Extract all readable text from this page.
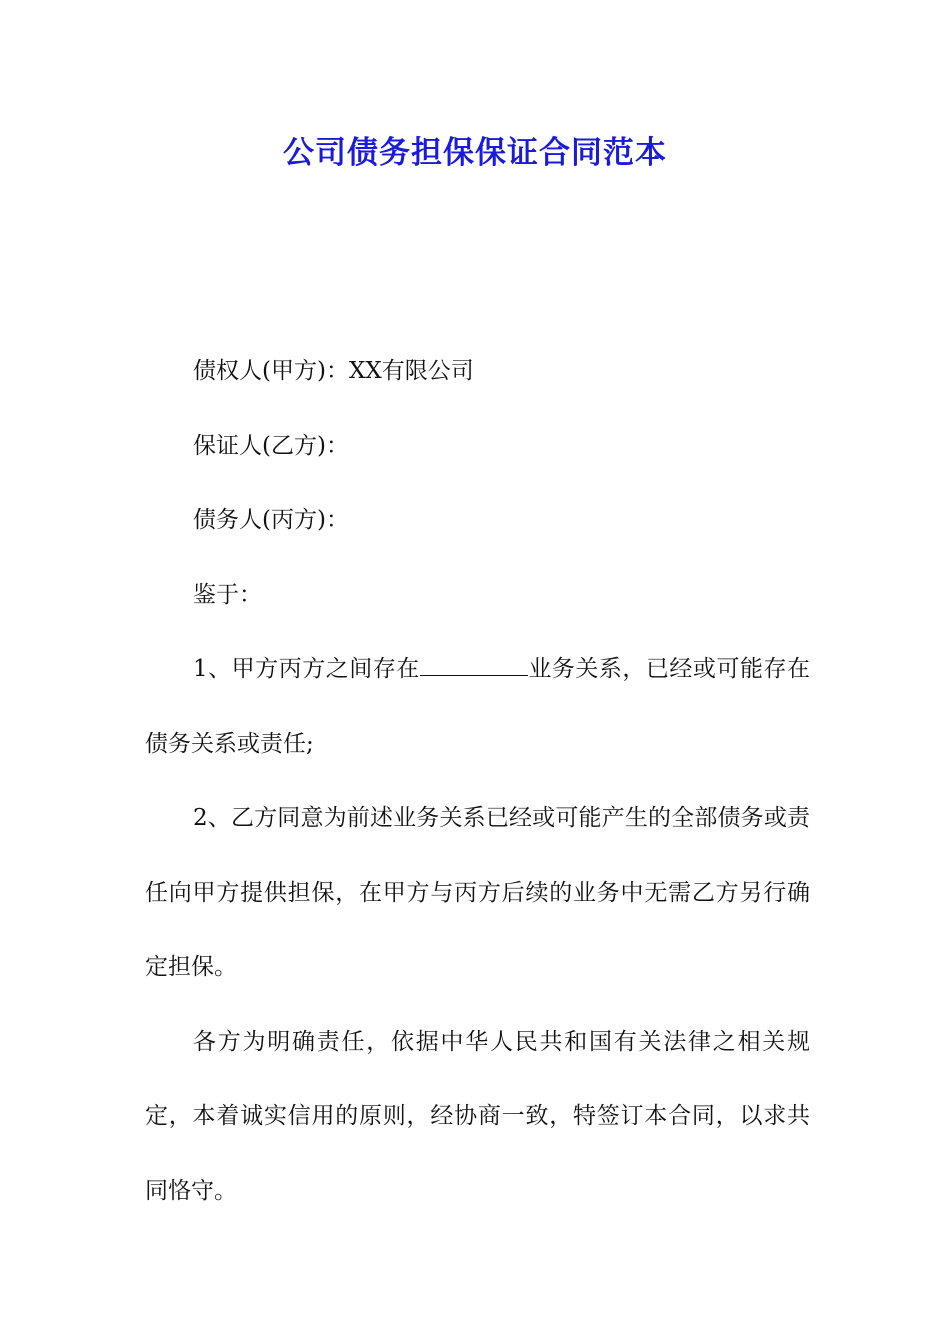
公司债务担保保证合同范本

债权人(甲方)：XX有限公司

保证人(乙方)：

债务人(丙方)：

鉴于：

1、甲方丙方之间存在	业务关系，已经或可能存在债务关系或责任;

2、乙方同意为前述业务关系已经或可能产生的全部债务或责任向甲方提供担保，在甲方与丙方后续的业务中无需乙方另行确定担保。

各方为明确责任，依据中华人民共和国有关法律之相关规定，本着诚实信用的原则，经协商一致，特签订本合同，以求共同恪守。
